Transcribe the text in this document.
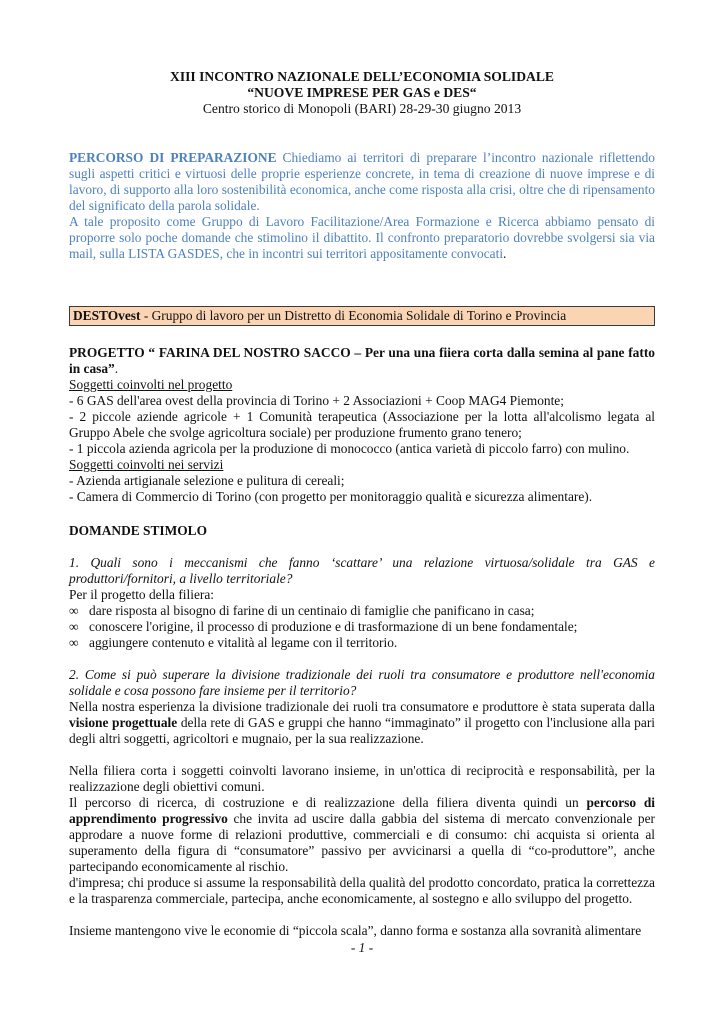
XIII INCONTRO NAZIONALE DELL’ECONOMIA SOLIDALE

“NUOVE IMPRESE PER GAS e DES“

Centro storico di Monopoli (BARI) 28-29-30 giugno 2013

PERCORSO DI PREPARAZIONE Chiediamo ai territori di preparare l’incontro nazionale riflettendo sugli aspetti critici e virtuosi delle proprie esperienze concrete, in tema di creazione di nuove imprese e di lavoro, di supporto alla loro sostenibilità economica, anche come risposta alla crisi, oltre che di ripensamento del significato della parola solidale.

A tale proposito come Gruppo di Lavoro Facilitazione/Area Formazione e Ricerca abbiamo pensato di proporre solo poche domande che stimolino il dibattito. Il confronto preparatorio dovrebbe svolgersi sia via mail, sulla LISTA GASDES, che in incontri sui territori appositamente convocati.

DESTOvest - Gruppo di lavoro per un Distretto di Economia Solidale di Torino e Provincia

PROGETTO “ FARINA DEL NOSTRO SACCO – Per una una fiiera corta dalla semina al pane fatto in casa”.

Soggetti coinvolti nel progetto

- 6 GAS dell'area ovest della provincia di Torino + 2 Associazioni + Coop MAG4 Piemonte;

- 2 piccole aziende agricole + 1 Comunità terapeutica (Associazione per la lotta all'alcolismo legata al Gruppo Abele che svolge agricoltura sociale) per produzione frumento grano tenero;

- 1 piccola azienda agricola per la produzione di monococco (antica varietà di piccolo farro) con mulino.

Soggetti coinvolti nei servizi

- Azienda artigianale selezione e pulitura di cereali;

- Camera di Commercio di Torino (con progetto per monitoraggio qualità e sicurezza alimentare).

DOMANDE STIMOLO

1. Quali sono i meccanismi che fanno ‘scattare’ una relazione virtuosa/solidale tra GAS e produttori/fornitori, a livello territoriale?

Per il progetto della filiera:

∞ dare risposta al bisogno di farine di un centinaio di famiglie che panificano in casa;
∞ conoscere l'origine, il processo di produzione e di trasformazione di un bene fondamentale;
∞ aggiungere contenuto e vitalità al legame con il territorio.

2. Come si può superare la divisione tradizionale dei ruoli tra consumatore e produttore nell'economia solidale e cosa possono fare insieme per il territorio?

Nella nostra esperienza la divisione tradizionale dei ruoli tra consumatore e produttore è stata superata dalla visione progettuale della rete di GAS e gruppi che hanno “immaginato” il progetto con l'inclusione alla pari degli altri soggetti, agricoltori e mugnaio, per la sua realizzazione.

Nella filiera corta i soggetti coinvolti lavorano insieme, in un'ottica di reciprocità e responsabilità, per la realizzazione degli obiettivi comuni.

Il percorso di ricerca, di costruzione e di realizzazione della filiera diventa quindi un percorso di apprendimento progressivo che invita ad uscire dalla gabbia del sistema di mercato convenzionale per approdare a nuove forme di relazioni produttive, commerciali e di consumo: chi acquista si orienta al superamento della figura di “consumatore” passivo per avvicinarsi a quella di “co-produttore”, anche partecipando economicamente al rischio.

d'impresa; chi produce si assume la responsabilità della qualità del prodotto concordato, pratica la correttezza e la trasparenza commerciale, partecipa, anche economicamente, al sostegno e allo sviluppo del progetto.

Insieme mantengono vive le economie di “piccola scala”, danno forma e sostanza alla sovranità alimentare

- 1 -
